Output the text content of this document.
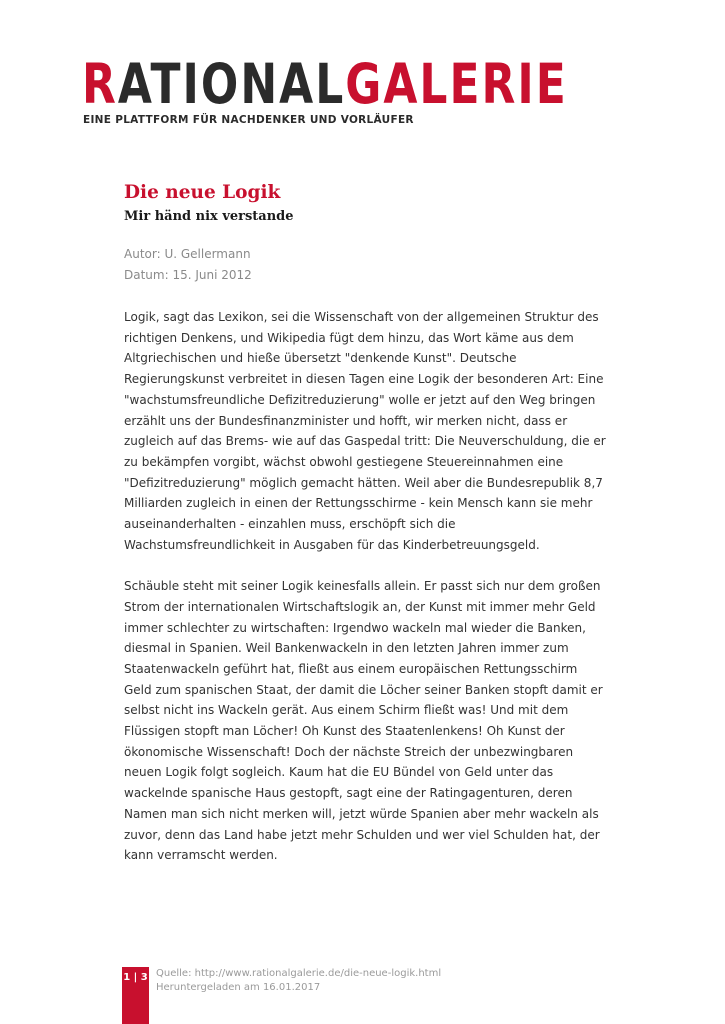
RATIONALGALERIE
EINE PLATTFORM FÜR NACHDENKER UND VORLÄUFER
Die neue Logik
Mir händ nix verstande
Autor: U. Gellermann
Datum: 15. Juni 2012

Logik, sagt das Lexikon, sei die Wissenschaft von der allgemeinen Struktur des
richtigen Denkens, und Wikipedia fügt dem hinzu, das Wort käme aus dem
Altgriechischen und hieße übersetzt "denkende Kunst". Deutsche
Regierungskunst verbreitet in diesen Tagen eine Logik der besonderen Art: Eine
"wachstumsfreundliche Defizitreduzierung" wolle er jetzt auf den Weg bringen
erzählt uns der Bundesfinanzminister und hofft, wir merken nicht, dass er
zugleich auf das Brems- wie auf das Gaspedal tritt: Die Neuverschuldung, die er
zu bekämpfen vorgibt, wächst obwohl gestiegene Steuereinnahmen eine
"Defizitreduzierung" möglich gemacht hätten. Weil aber die Bundesrepublik 8,7
Milliarden zugleich in einen der Rettungsschirme - kein Mensch kann sie mehr
auseinanderhalten - einzahlen muss, erschöpft sich die
Wachstumsfreundlichkeit in Ausgaben für das Kinderbetreuungsgeld.

Schäuble steht mit seiner Logik keinesfalls allein. Er passt sich nur dem großen
Strom der internationalen Wirtschaftslogik an, der Kunst mit immer mehr Geld
immer schlechter zu wirtschaften: Irgendwo wackeln mal wieder die Banken,
diesmal in Spanien. Weil Bankenwackeln in den letzten Jahren immer zum
Staatenwackeln geführt hat, fließt aus einem europäischen Rettungsschirm
Geld zum spanischen Staat, der damit die Löcher seiner Banken stopft damit er
selbst nicht ins Wackeln gerät. Aus einem Schirm fließt was! Und mit dem
Flüssigen stopft man Löcher! Oh Kunst des Staatenlenkens! Oh Kunst der
ökonomische Wissenschaft! Doch der nächste Streich der unbezwingbaren
neuen Logik folgt sogleich. Kaum hat die EU Bündel von Geld unter das
wackelnde spanische Haus gestopft, sagt eine der Ratingagenturen, deren
Namen man sich nicht merken will, jetzt würde Spanien aber mehr wackeln als
zuvor, denn das Land habe jetzt mehr Schulden und wer viel Schulden hat, der
kann verramscht werden.

1 | 3 Quelle: http://www.rationalgalerie.de/die-neue-logik.html
Heruntergeladen am 16.01.2017
